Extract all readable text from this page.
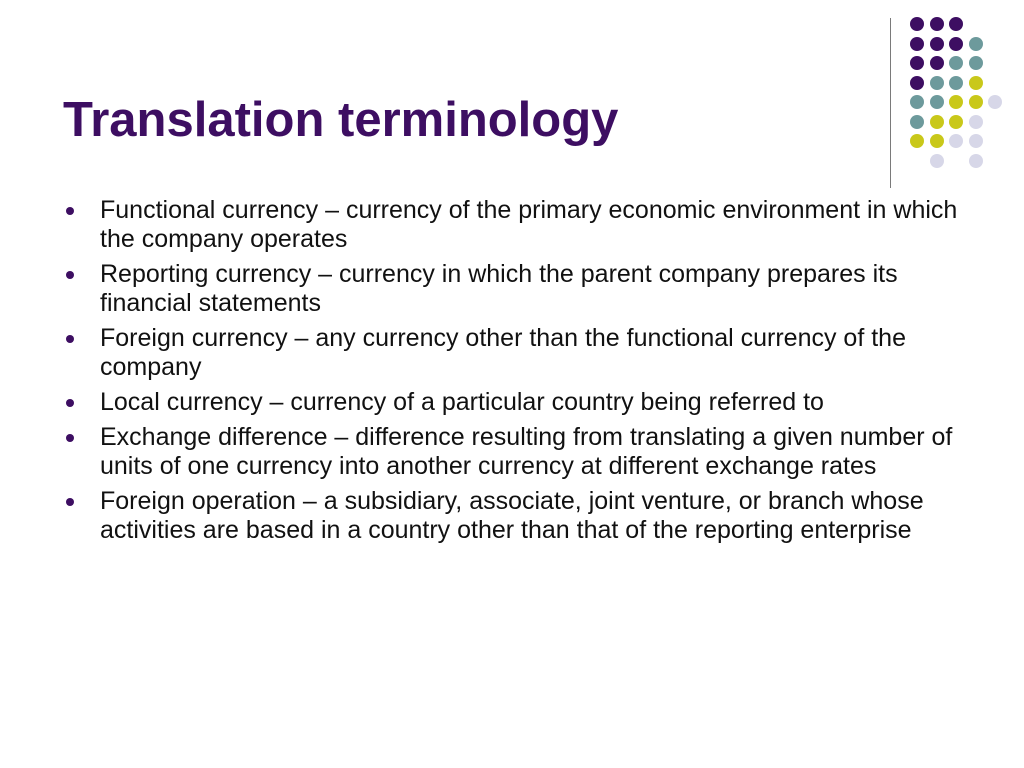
Translation terminology
Functional currency – currency of the primary economic environment in which the company operates
Reporting currency – currency in which the parent company prepares its financial statements
Foreign currency – any currency other than the functional currency of the company
Local currency – currency of a particular country being referred to
Exchange difference – difference resulting from translating a given number of units of one currency into another currency at different exchange rates
Foreign operation – a subsidiary, associate, joint venture, or branch whose activities are based in a country other than that of the reporting enterprise
